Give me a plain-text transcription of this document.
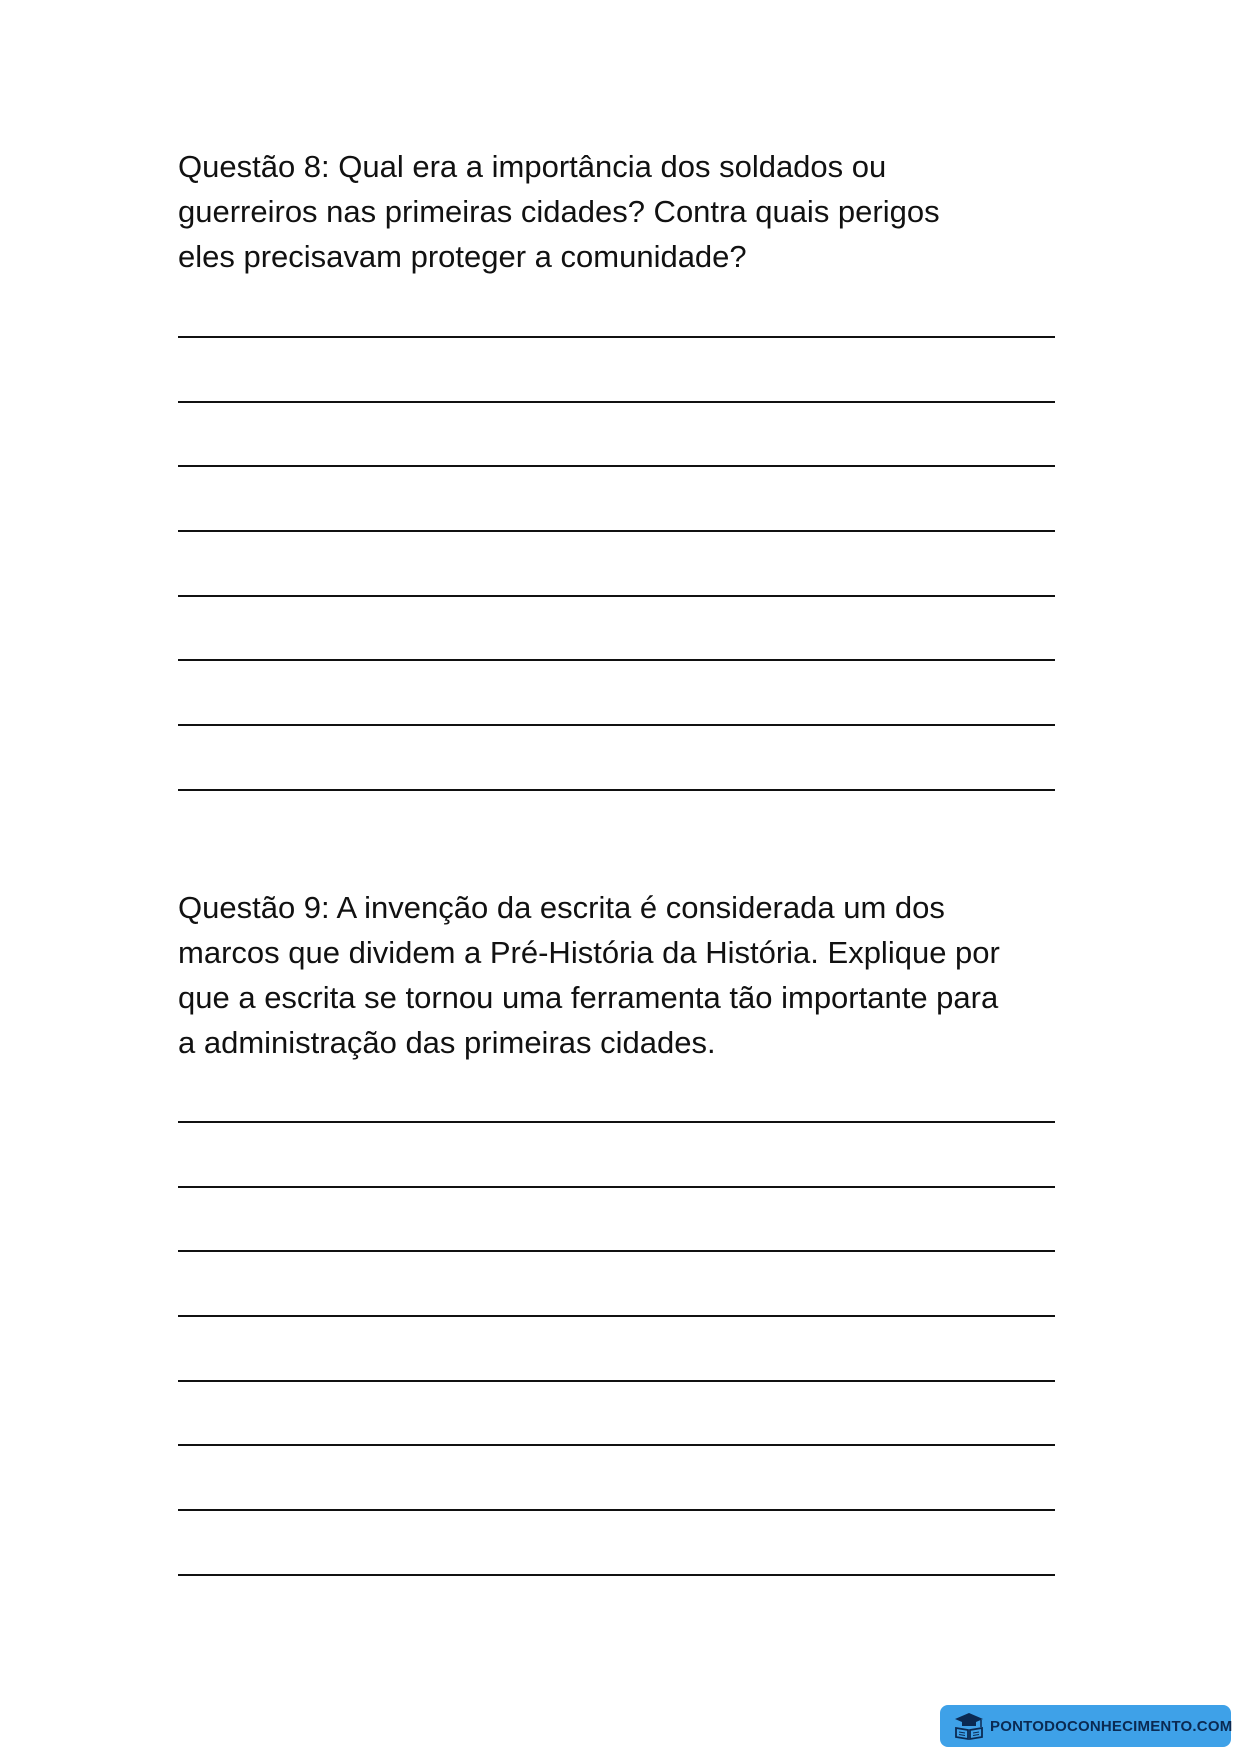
Questão 8: Qual era a importância dos soldados ou
guerreiros nas primeiras cidades? Contra quais perigos
eles precisavam proteger a comunidade?

Questão 9: A invenção da escrita é considerada um dos
marcos que dividem a Pré-História da História. Explique por
que a escrita se tornou uma ferramenta tão importante para
a administração das primeiras cidades.

PONTODOCONHECIMENTO.COM
